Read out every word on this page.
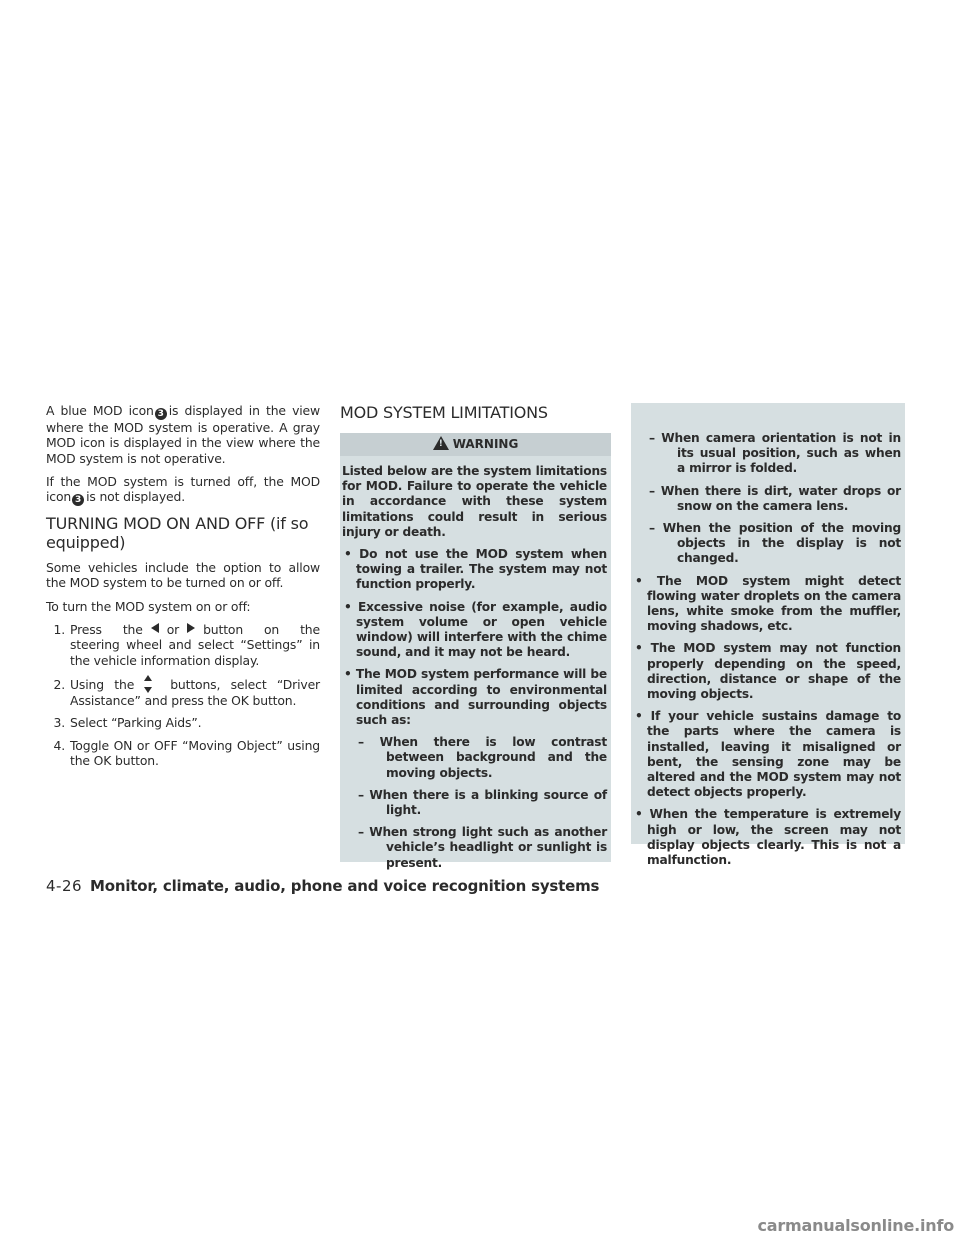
A blue MOD icon 3 is displayed in the view where the MOD system is operative. A gray MOD icon is displayed in the view where the MOD system is not operative.

If the MOD system is turned off, the MOD icon 3 is not displayed.

TURNING MOD ON AND OFF (if so equipped)

Some vehicles include the option to allow the MOD system to be turned on or off.

To turn the MOD system on or off:

1. Press the or button on the steering wheel and select “Settings” in the vehicle information display.
2. Using the	buttons, select “Driver Assistance” and press the OK button.
3. Select “Parking Aids”.
4. Toggle ON or OFF “Moving Object” using the OK button.
MOD SYSTEM LIMITATIONS
! WARNING

Listed below are the system limitations for MOD. Failure to operate the vehicle in accordance with these system limitations could result in serious injury or death.

• Do not use the MOD system when towing a trailer. The system may not function properly.

• Excessive noise (for example, audio system volume or open vehicle window) will interfere with the chime sound, and it may not be heard.

• The MOD system performance will be limited according to environmental conditions and surrounding objects such as:

– When there is low contrast between background and the moving objects.

– When there is a blinking source of light.

– When strong light such as another vehicle’s headlight or sunlight is present.

– When camera orientation is not in its usual position, such as when a mirror is folded.

– When there is dirt, water drops or snow on the camera lens.

– When the position of the moving objects in the display is not changed.

• The MOD system might detect flowing water droplets on the camera lens, white smoke from the muffler, moving shadows, etc.

• The MOD system may not function properly depending on the speed, direction, distance or shape of the moving objects.

• If your vehicle sustains damage to the parts where the camera is installed, leaving it misaligned or bent, the sensing zone may be altered and the MOD system may not detect objects properly.

• When the temperature is extremely high or low, the screen may not display objects clearly. This is not a malfunction.

4-26 Monitor, climate, audio, phone and voice recognition systems
carmanualsonline.info
